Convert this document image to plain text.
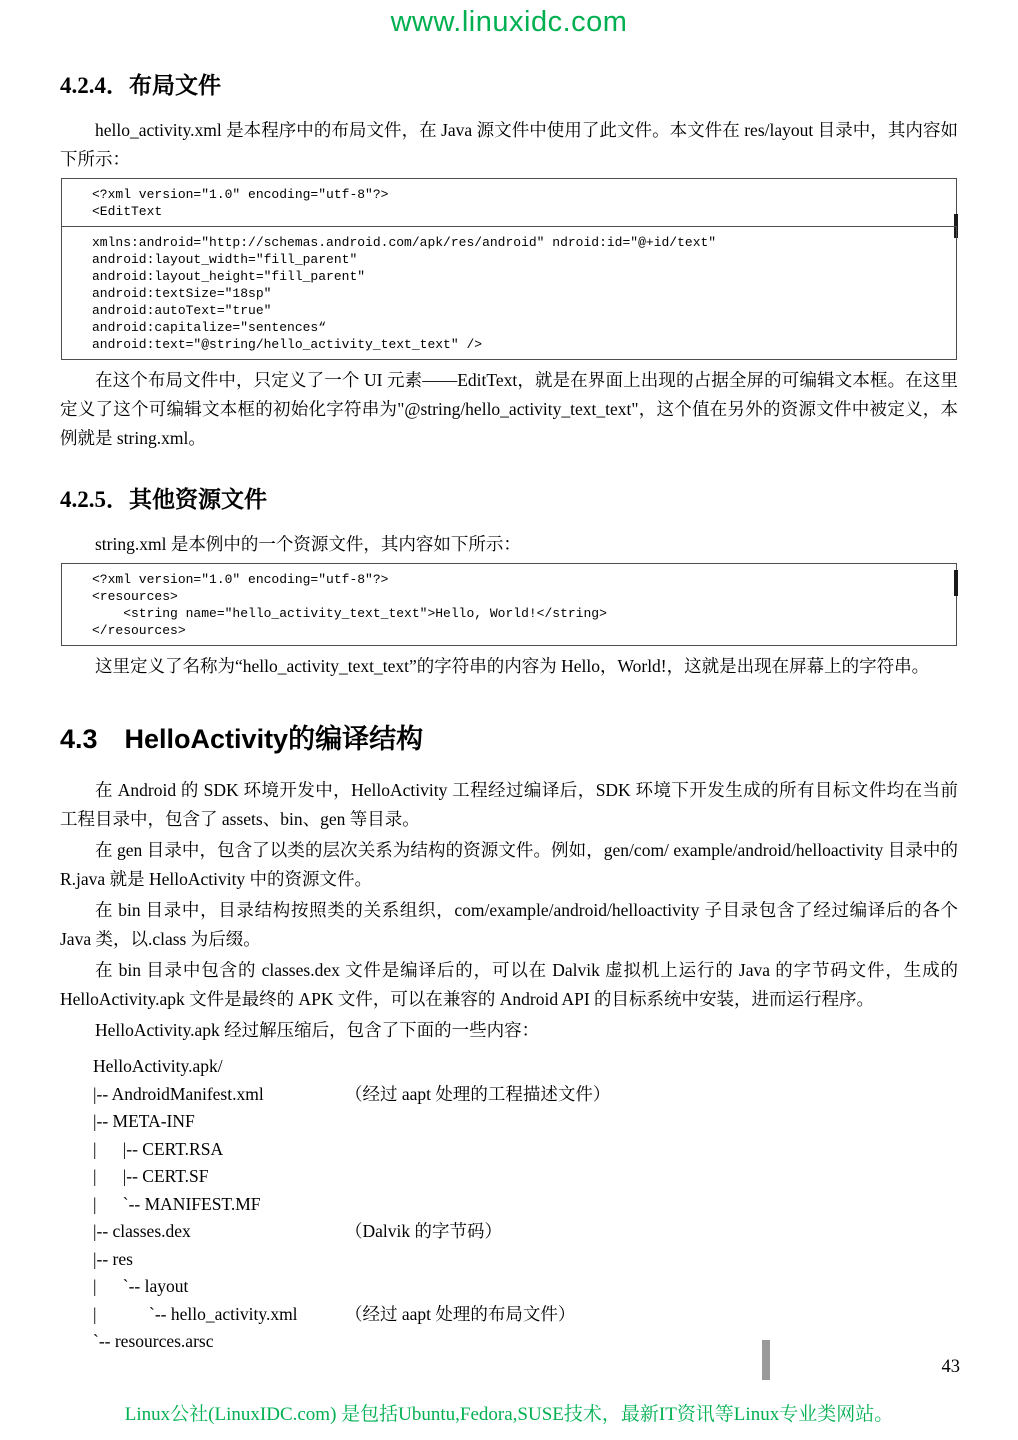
www.linuxidc.com
4.2.4．布局文件

hello_activity.xml 是本程序中的布局文件，在 Java 源文件中使用了此文件。本文件在 res/layout 目录中，其内容如下所示：

<?xml version="1.0" encoding="utf-8"?>
<EditText
xmlns:android="http://schemas.android.com/apk/res/android" ndroid:id="@+id/text"
android:layout_width="fill_parent"
android:layout_height="fill_parent"
android:textSize="18sp"
android:autoText="true"
android:capitalize="sentences“
android:text="@string/hello_activity_text_text" />

在这个布局文件中，只定义了一个 UI 元素——EditText，就是在界面上出现的占据全屏的可编辑文本框。在这里定义了这个可编辑文本框的初始化字符串为"@string/hello_activity_text_text"，这个值在另外的资源文件中被定义，本例就是 string.xml。

4.2.5．其他资源文件

string.xml 是本例中的一个资源文件，其内容如下所示：

<?xml version="1.0" encoding="utf-8"?>
<resources>
<string name="hello_activity_text_text">Hello, World!</string>
</resources>

这里定义了名称为“hello_activity_text_text”的字符串的内容为 Hello，World!，这就是出现在屏幕上的字符串。

4.3　HelloActivity的编译结构

在 Android 的 SDK 环境开发中，HelloActivity 工程经过编译后，SDK 环境下开发生成的所有目标文件均在当前工程目录中，包含了 assets、bin、gen 等目录。

在 gen 目录中，包含了以类的层次关系为结构的资源文件。例如，gen/com/ example/android/helloactivity 目录中的 R.java 就是 HelloActivity 中的资源文件。

在 bin 目录中，目录结构按照类的关系组织，com/example/android/helloactivity 子目录包含了经过编译后的各个 Java 类，以.class 为后缀。

在 bin 目录中包含的 classes.dex 文件是编译后的，可以在 Dalvik 虚拟机上运行的 Java 的字节码文件，生成的 HelloActivity.apk 文件是最终的 APK 文件，可以在兼容的 Android API 的目标系统中安装，进而运行程序。

HelloActivity.apk 经过解压缩后，包含了下面的一些内容：

HelloActivity.apk/
|-- AndroidManifest.xml	（经过 aapt 处理的工程描述文件）
|-- META-INF
|      |-- CERT.RSA
|      |-- CERT.SF
|      `-- MANIFEST.MF
|-- classes.dex	（Dalvik 的字节码）
|-- res
|      `-- layout
|            `-- hello_activity.xml	（经过 aapt 处理的布局文件）
`-- resources.arsc
43
Linux公社(LinuxIDC.com) 是包括Ubuntu,Fedora,SUSE技术，最新IT资讯等Linux专业类网站。
